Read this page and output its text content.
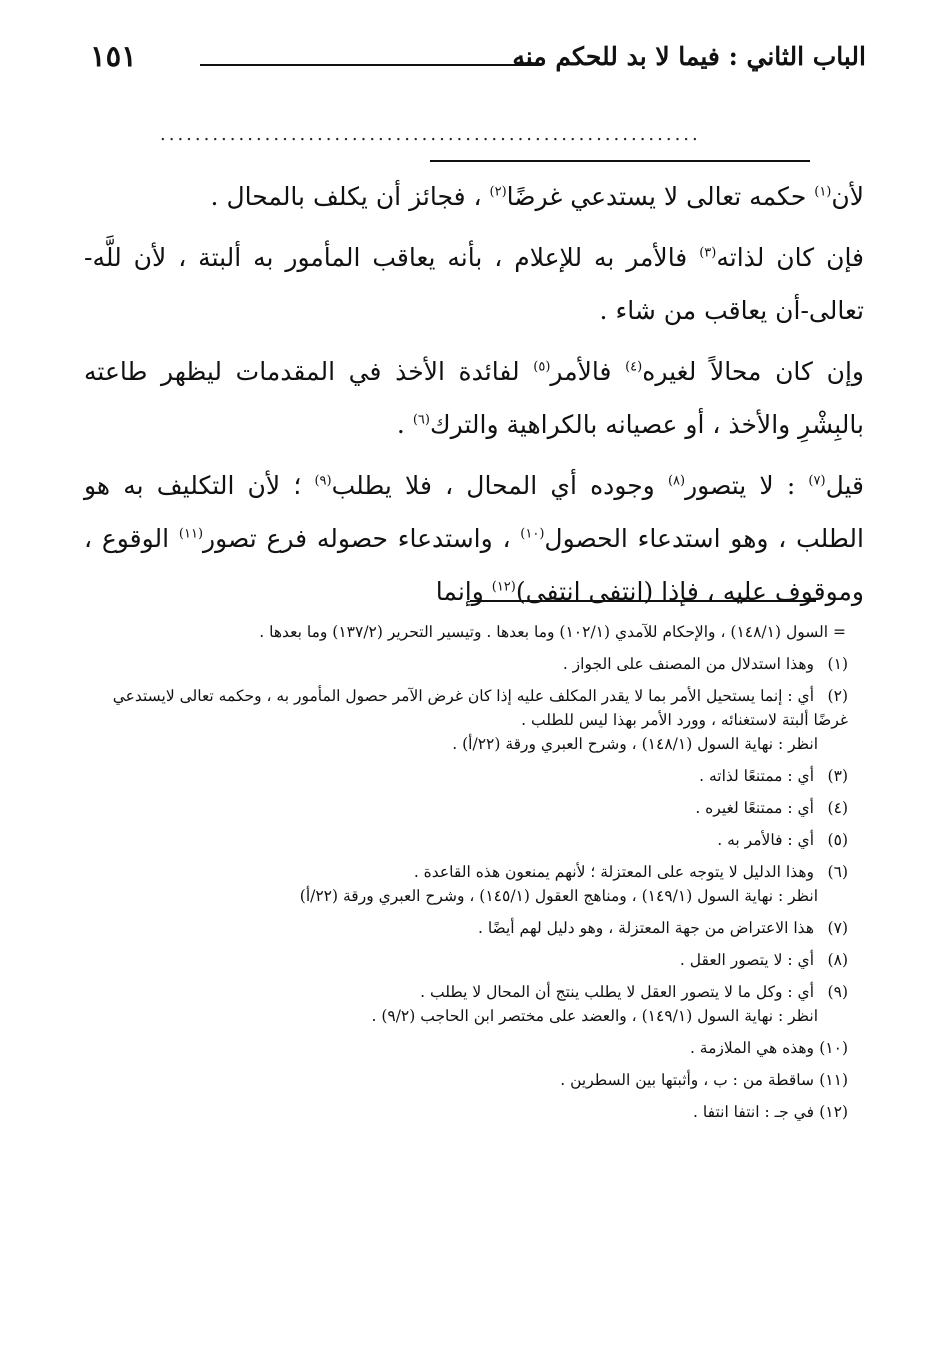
الباب الثاني : فيما لا بد للحكم منه
١٥١
..............................................................

لأن$^{(١)}$ حكمه تعالى لا يستدعي غرضًا$^{(٢)}$ ، فجائز أن يكلف بالمحال .

فإن كان لذاته$^{(٣)}$ فالأمر به للإعلام ، بأنه يعاقب المأمور به ألبتة ، لأن للَّه-تعالى-أن يعاقب من شاء .

وإن كان محالاً لغيره$^{(٤)}$ فالأمر$^{(٥)}$ لفائدة الأخذ في المقدمات ليظهر طاعته بالبِشْرِ والأخذ ، أو عصيانه بالكراهية والترك$^{(٦)}$ .

قيل$^{(٧)}$ : لا يتصور$^{(٨)}$ وجوده أي المحال ، فلا يطلب$^{(٩)}$ ؛ لأن التكليف به هو الطلب ، وهو استدعاء الحصول$^{(١٠)}$ ، واستدعاء حصوله فرع تصور$^{(١١)}$ الوقوع ، وموقوف عليه ، فإذا (انتفى انتفى)$^{(١٢)}$ وإنما

= السول (١٤٨/١) ، والإحكام للآمدي (١٠٢/١) وما بعدها . وتيسير التحرير (١٣٧/٢) وما بعدها .

(١)وهذا استدلال من المصنف على الجواز .

(٢)أي : إنما يستحيل الأمر بما لا يقدر المكلف عليه إذا كان غرض الآمر حصول المأمور به ، وحكمه تعالى لايستدعي غرضًا ألبتة لاستغنائه ، وورد الأمر بهذا ليس للطلب .

انظر : نهاية السول (١٤٨/١) ، وشرح العبري ورقة (٢٢/أ) .

(٣)أي : ممتنعًا لذاته .

(٤)أي : ممتنعًا لغيره .

(٥)أي : فالأمر به .

(٦)وهذا الدليل لا يتوجه على المعتزلة ؛ لأنهم يمنعون هذه القاعدة .

انظر : نهاية السول (١٤٩/١) ، ومناهج العقول (١٤٥/١) ، وشرح العبري ورقة (٢٢/أ)

(٧)هذا الاعتراض من جهة المعتزلة ، وهو دليل لهم أيضًا .

(٨)أي : لا يتصور العقل .

(٩)أي : وكل ما لا يتصور العقل لا يطلب ينتج أن المحال لا يطلب .

انظر : نهاية السول (١٤٩/١) ، والعضد على مختصر ابن الحاجب (٩/٢) .

(١٠)وهذه هي الملازمة .

(١١)ساقطة من : ب ، وأثبتها بين السطرين .

(١٢)في جـ : انتفا انتفا .
